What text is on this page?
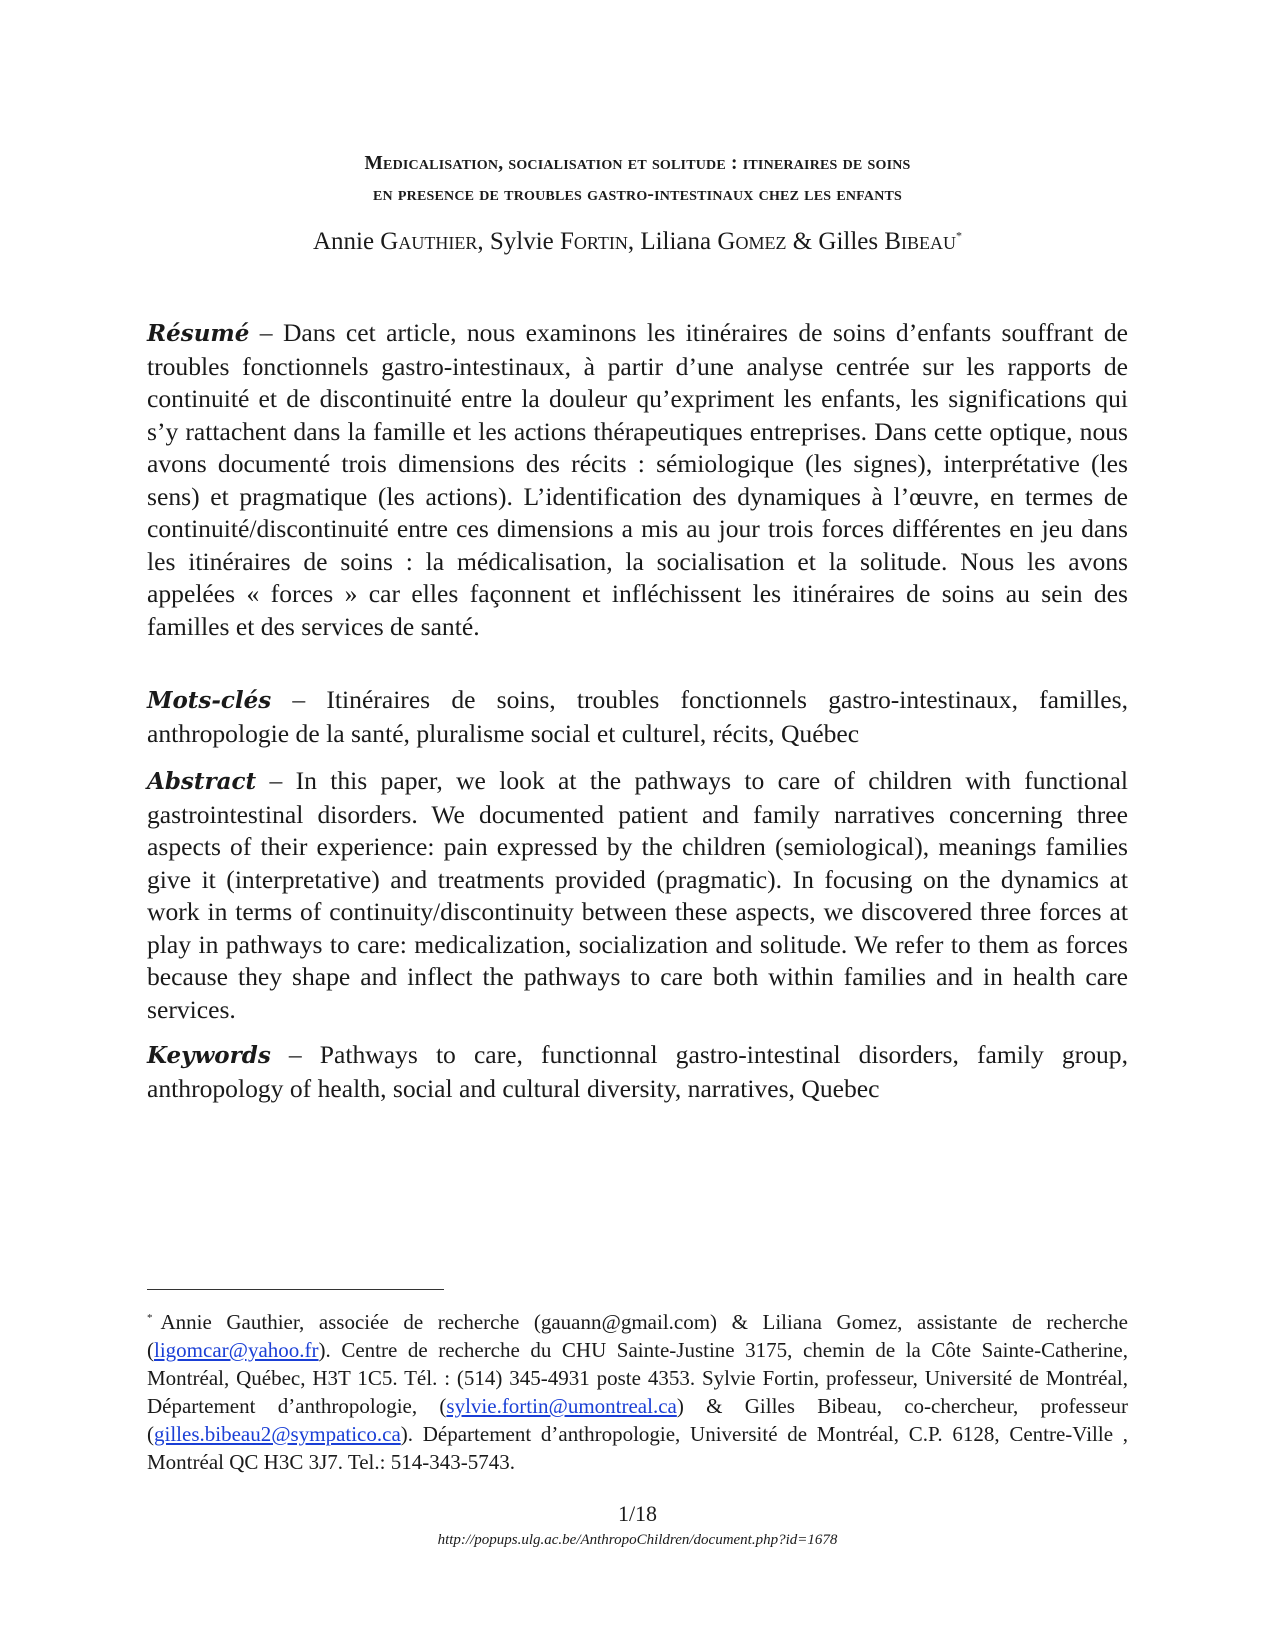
Medicalisation, socialisation et solitude : itineraires de soins
en presence de troubles gastro-intestinaux chez les enfants
Annie Gauthier, Sylvie Fortin, Liliana Gomez & Gilles Bibeau*

Résumé – Dans cet article, nous examinons les itinéraires de soins d’enfants souffrant de troubles fonctionnels gastro-intestinaux, à partir d’une analyse centrée sur les rapports de continuité et de discontinuité entre la douleur qu’expriment les enfants, les significations qui s’y rattachent dans la famille et les actions thérapeutiques entreprises. Dans cette optique, nous avons documenté trois dimensions des récits : sémiologique (les signes), interprétative (les sens) et pragmatique (les actions). L’identification des dynamiques à l’œuvre, en termes de continuité/discontinuité entre ces dimensions a mis au jour trois forces différentes en jeu dans les itinéraires de soins : la médicalisation, la socialisation et la solitude. Nous les avons appelées « forces » car elles façonnent et infléchissent les itinéraires de soins au sein des familles et des services de santé.

Mots-clés – Itinéraires de soins, troubles fonctionnels gastro-intestinaux, familles, anthropologie de la santé, pluralisme social et culturel, récits, Québec

Abstract – In this paper, we look at the pathways to care of children with functional gastrointestinal disorders. We documented patient and family narratives concerning three aspects of their experience: pain expressed by the children (semiological), meanings families give it (interpretative) and treatments provided (pragmatic). In focusing on the dynamics at work in terms of continuity/discontinuity between these aspects, we discovered three forces at play in pathways to care: medicalization, socialization and solitude. We refer to them as forces because they shape and inflect the pathways to care both within families and in health care services.

Keywords – Pathways to care, functionnal gastro-intestinal disorders, family group, anthropology of health, social and cultural diversity, narratives, Quebec

* Annie Gauthier, associée de recherche (gauann@gmail.com) & Liliana Gomez, assistante de recherche (ligomcar@yahoo.fr). Centre de recherche du CHU Sainte-Justine 3175, chemin de la Côte Sainte-Catherine, Montréal, Québec, H3T 1C5. Tél. : (514) 345-4931 poste 4353. Sylvie Fortin, professeur, Université de Montréal, Département d’anthropologie, (sylvie.fortin@umontreal.ca) & Gilles Bibeau, co-chercheur, professeur (gilles.bibeau2@sympatico.ca). Département d’anthropologie, Université de Montréal, C.P. 6128, Centre-Ville , Montréal QC H3C 3J7. Tel.: 514-343-5743.

1/18
http://popups.ulg.ac.be/AnthropoChildren/document.php?id=1678
